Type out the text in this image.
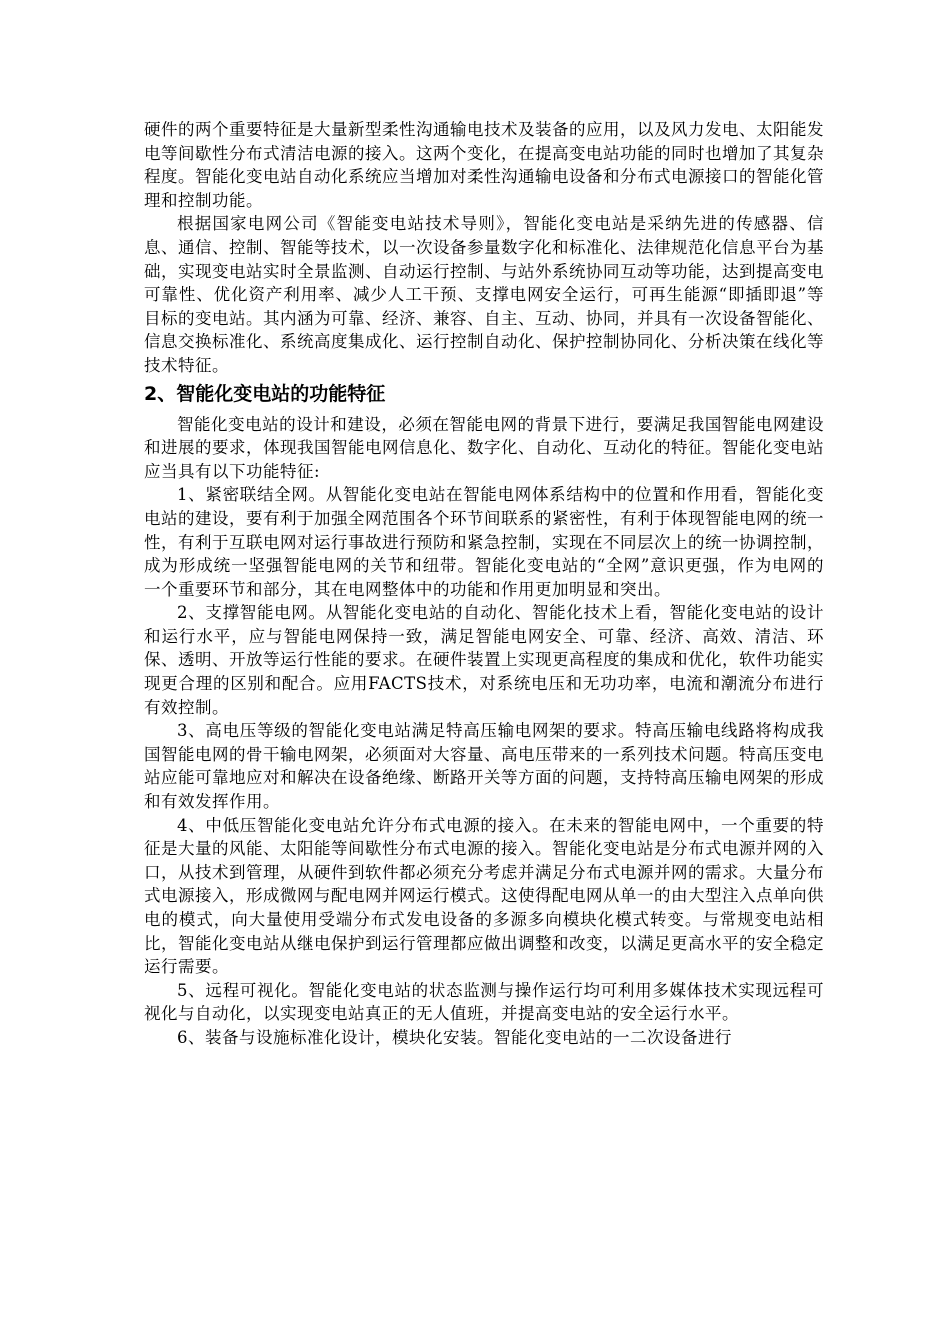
硬件的两个重要特征是大量新型柔性沟通输电技术及装备的应用，以及风力发电、太阳能发电等间歇性分布式清洁电源的接入。这两个变化，在提高变电站功能的同时也增加了其复杂程度。智能化变电站自动化系统应当增加对柔性沟通输电设备和分布式电源接口的智能化管理和控制功能。

根据国家电网公司《智能变电站技术导则》，智能化变电站是采纳先进的传感器、信息、通信、控制、智能等技术，以一次设备参量数字化和标准化、法律规范化信息平台为基础，实现变电站实时全景监测、自动运行控制、与站外系统协同互动等功能，达到提高变电可靠性、优化资产利用率、减少人工干预、支撑电网安全运行，可再生能源“即插即退”等目标的变电站。其内涵为可靠、经济、兼容、自主、互动、协同，并具有一次设备智能化、信息交换标准化、系统高度集成化、运行控制自动化、保护控制协同化、分析决策在线化等技术特征。

2、智能化变电站的功能特征

智能化变电站的设计和建设，必须在智能电网的背景下进行，要满足我国智能电网建设和进展的要求，体现我国智能电网信息化、数字化、自动化、互动化的特征。智能化变电站应当具有以下功能特征:

1、紧密联结全网。从智能化变电站在智能电网体系结构中的位置和作用看，智能化变电站的建设，要有利于加强全网范围各个环节间联系的紧密性，有利于体现智能电网的统一性，有利于互联电网对运行事故进行预防和紧急控制，实现在不同层次上的统一协调控制，成为形成统一坚强智能电网的关节和纽带。智能化变电站的“全网”意识更强，作为电网的一个重要环节和部分，其在电网整体中的功能和作用更加明显和突出。

2、支撑智能电网。从智能化变电站的自动化、智能化技术上看，智能化变电站的设计和运行水平，应与智能电网保持一致，满足智能电网安全、可靠、经济、高效、清洁、环保、透明、开放等运行性能的要求。在硬件装置上实现更高程度的集成和优化，软件功能实现更合理的区别和配合。应用FACTS技术，对系统电压和无功功率，电流和潮流分布进行有效控制。

3、高电压等级的智能化变电站满足特高压输电网架的要求。特高压输电线路将构成我国智能电网的骨干输电网架，必须面对大容量、高电压带来的一系列技术问题。特高压变电站应能可靠地应对和解决在设备绝缘、断路开关等方面的问题，支持特高压输电网架的形成和有效发挥作用。

4、中低压智能化变电站允许分布式电源的接入。在未来的智能电网中，一个重要的特征是大量的风能、太阳能等间歇性分布式电源的接入。智能化变电站是分布式电源并网的入口，从技术到管理，从硬件到软件都必须充分考虑并满足分布式电源并网的需求。大量分布式电源接入，形成微网与配电网并网运行模式。这使得配电网从单一的由大型注入点单向供电的模式，向大量使用受端分布式发电设备的多源多向模块化模式转变。与常规变电站相比，智能化变电站从继电保护到运行管理都应做出调整和改变，以满足更高水平的安全稳定运行需要。

5、远程可视化。智能化变电站的状态监测与操作运行均可利用多媒体技术实现远程可视化与自动化，以实现变电站真正的无人值班，并提高变电站的安全运行水平。

6、装备与设施标准化设计，模块化安装。智能化变电站的一二次设备进行
